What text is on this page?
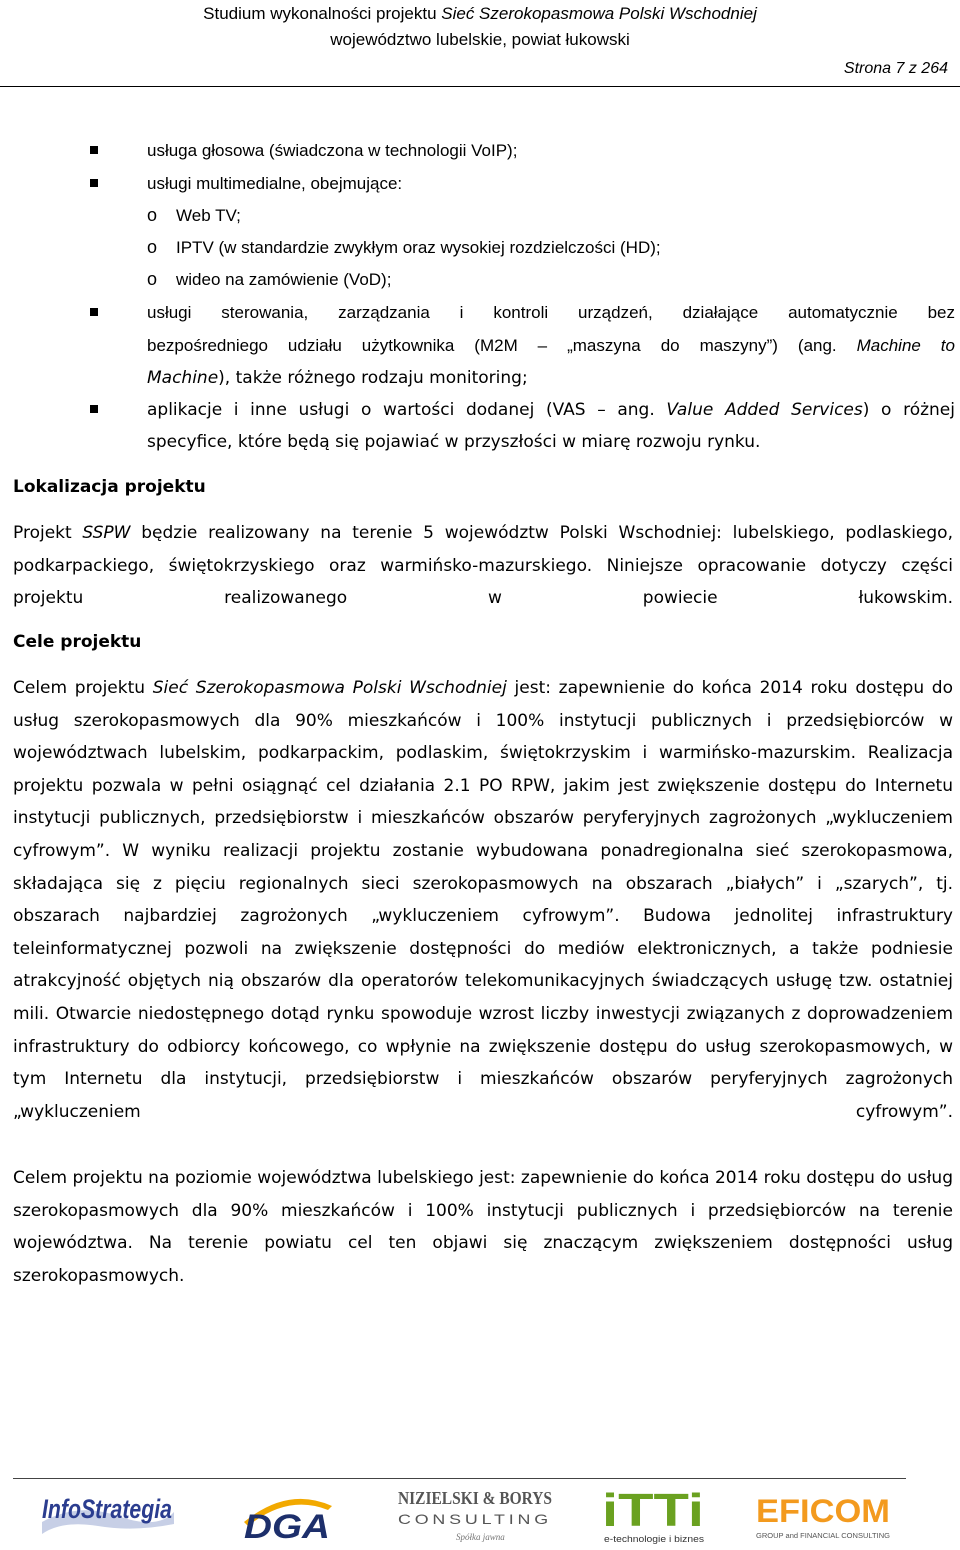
Studium wykonalności projektu Sieć Szerokopasmowa Polski Wschodniej
województwo lubelskie, powiat łukowski
Strona 7 z 264
usługa głosowa (świadczona w technologii VoIP);
usługi multimedialne, obejmujące:
o Web TV;
o IPTV (w standardzie zwykłym oraz wysokiej rozdzielczości (HD);
o wideo na zamówienie (VoD);
usługi sterowania, zarządzania i kontroli urządzeń, działające automatycznie bez
bezpośredniego udziału użytkownika (M2M – „maszyna do maszyny”) (ang. Machine to
Machine), także różnego rodzaju monitoring;
aplikacje i inne usługi o wartości dodanej (VAS – ang. Value Added Services) o różnej
specyfice, które będą się pojawiać w przyszłości w miarę rozwoju rynku.
Lokalizacja projektu
Projekt SSPW będzie realizowany na terenie 5 województw Polski Wschodniej: lubelskiego, podlaskiego, podkarpackiego, świętokrzyskiego oraz warmińsko-mazurskiego. Niniejsze opracowanie dotyczy części projektu realizowanego w powiecie łukowskim.
Cele projektu
Celem projektu Sieć Szerokopasmowa Polski Wschodniej jest: zapewnienie do końca 2014 roku dostępu do usług szerokopasmowych dla 90% mieszkańców i 100% instytucji publicznych i przedsiębiorców w województwach lubelskim, podkarpackim, podlaskim, świętokrzyskim i warmińsko-mazurskim. Realizacja projektu pozwala w pełni osiągnąć cel działania 2.1 PO RPW, jakim jest zwiększenie dostępu do Internetu instytucji publicznych, przedsiębiorstw i mieszkańców obszarów peryferyjnych zagrożonych „wykluczeniem cyfrowym”. W wyniku realizacji projektu zostanie wybudowana ponadregionalna sieć szerokopasmowa, składająca się z pięciu regionalnych sieci szerokopasmowych na obszarach „białych” i „szarych”, tj. obszarach najbardziej zagrożonych „wykluczeniem cyfrowym”. Budowa jednolitej infrastruktury teleinformatycznej pozwoli na zwiększenie dostępności do mediów elektronicznych, a także podniesie atrakcyjność objętych nią obszarów dla operatorów telekomunikacyjnych świadczących usługę tzw. ostatniej mili. Otwarcie niedostępnego dotąd rynku spowoduje wzrost liczby inwestycji związanych z doprowadzeniem infrastruktury do odbiorcy końcowego, co wpłynie na zwiększenie dostępu do usług szerokopasmowych, w tym Internetu dla instytucji, przedsiębiorstw i mieszkańców obszarów peryferyjnych zagrożonych „wykluczeniem cyfrowym”.
Celem projektu na poziomie województwa lubelskiego jest: zapewnienie do końca 2014 roku dostępu do usług szerokopasmowych dla 90% mieszkańców i 100% instytucji publicznych i przedsiębiorców na terenie województwa. Na terenie powiatu cel ten objawi się znaczącym zwiększeniem dostępności usług szerokopasmowych.
InfoStrategia DGA
NIZIELSKI & BORYS
CONSULTING
Spółka jawna
iTTi
e-technologie i biznes
EFICOM
GROUP and FINANCIAL CONSULTING
